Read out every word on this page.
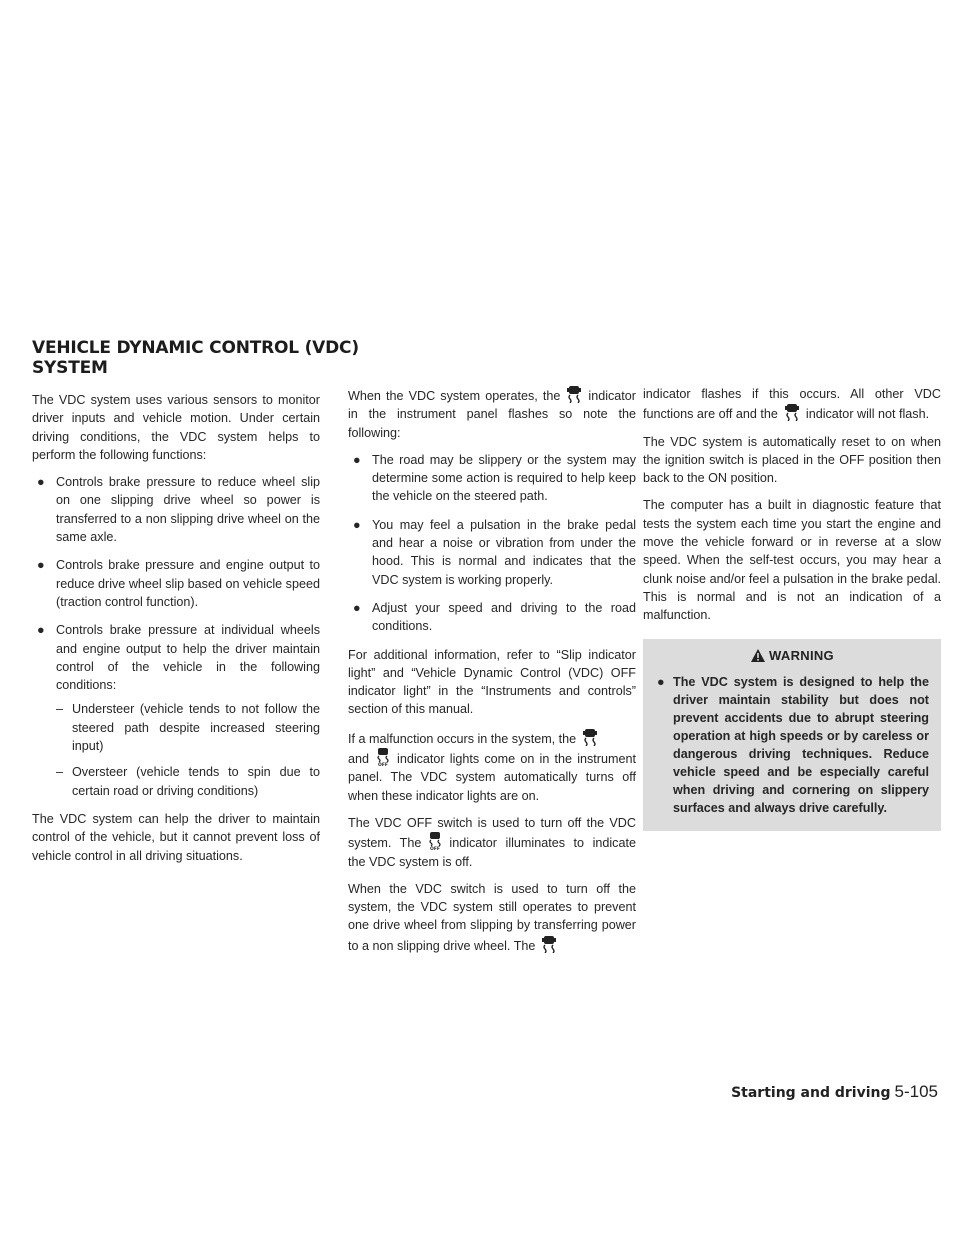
VEHICLE DYNAMIC CONTROL (VDC)
SYSTEM

The VDC system uses various sensors to monitor driver inputs and vehicle motion. Under certain driving conditions, the VDC system helps to perform the following functions:

● Controls brake pressure to reduce wheel slip on one slipping drive wheel so power is transferred to a non slipping drive wheel on the same axle.
● Controls brake pressure and engine output to reduce drive wheel slip based on vehicle speed (traction control function).
● Controls brake pressure at individual wheels and engine output to help the driver maintain control of the vehicle in the following conditions:
– Understeer (vehicle tends to not follow the steered path despite increased steering input)
– Oversteer (vehicle tends to spin due to certain road or driving conditions)

The VDC system can help the driver to maintain control of the vehicle, but it cannot prevent loss of vehicle control in all driving situations.

When the VDC system operates, the indicator in the instrument panel flashes so note the following:

● The road may be slippery or the system may determine some action is required to help keep the vehicle on the steered path.
● You may feel a pulsation in the brake pedal and hear a noise or vibration from under the hood. This is normal and indicates that the VDC system is working properly.
● Adjust your speed and driving to the road conditions.

For additional information, refer to “Slip indicator light” and “Vehicle Dynamic Control (VDC) OFF indicator light” in the “Instruments and controls” section of this manual.

If a malfunction occurs in the system, the
and indicator lights come on in the instrument panel. The VDC system automatically turns off when these indicator lights are on.

The VDC OFF switch is used to turn off the VDC system. The indicator illuminates to indicate the VDC system is off.

When the VDC switch is used to turn off the system, the VDC system still operates to prevent one drive wheel from slipping by transferring power to a non slipping drive wheel. The

indicator flashes if this occurs. All other VDC functions are off and the indicator will not flash.

The VDC system is automatically reset to on when the ignition switch is placed in the OFF position then back to the ON position.

The computer has a built in diagnostic feature that tests the system each time you start the engine and move the vehicle forward or in reverse at a slow speed. When the self-test occurs, you may hear a clunk noise and/or feel a pulsation in the brake pedal. This is normal and is not an indication of a malfunction.

WARNING
● The VDC system is designed to help the driver maintain stability but does not prevent accidents due to abrupt steering operation at high speeds or by careless or dangerous driving techniques. Reduce vehicle speed and be especially careful when driving and cornering on slippery surfaces and always drive carefully.
Starting and driving 5-105
